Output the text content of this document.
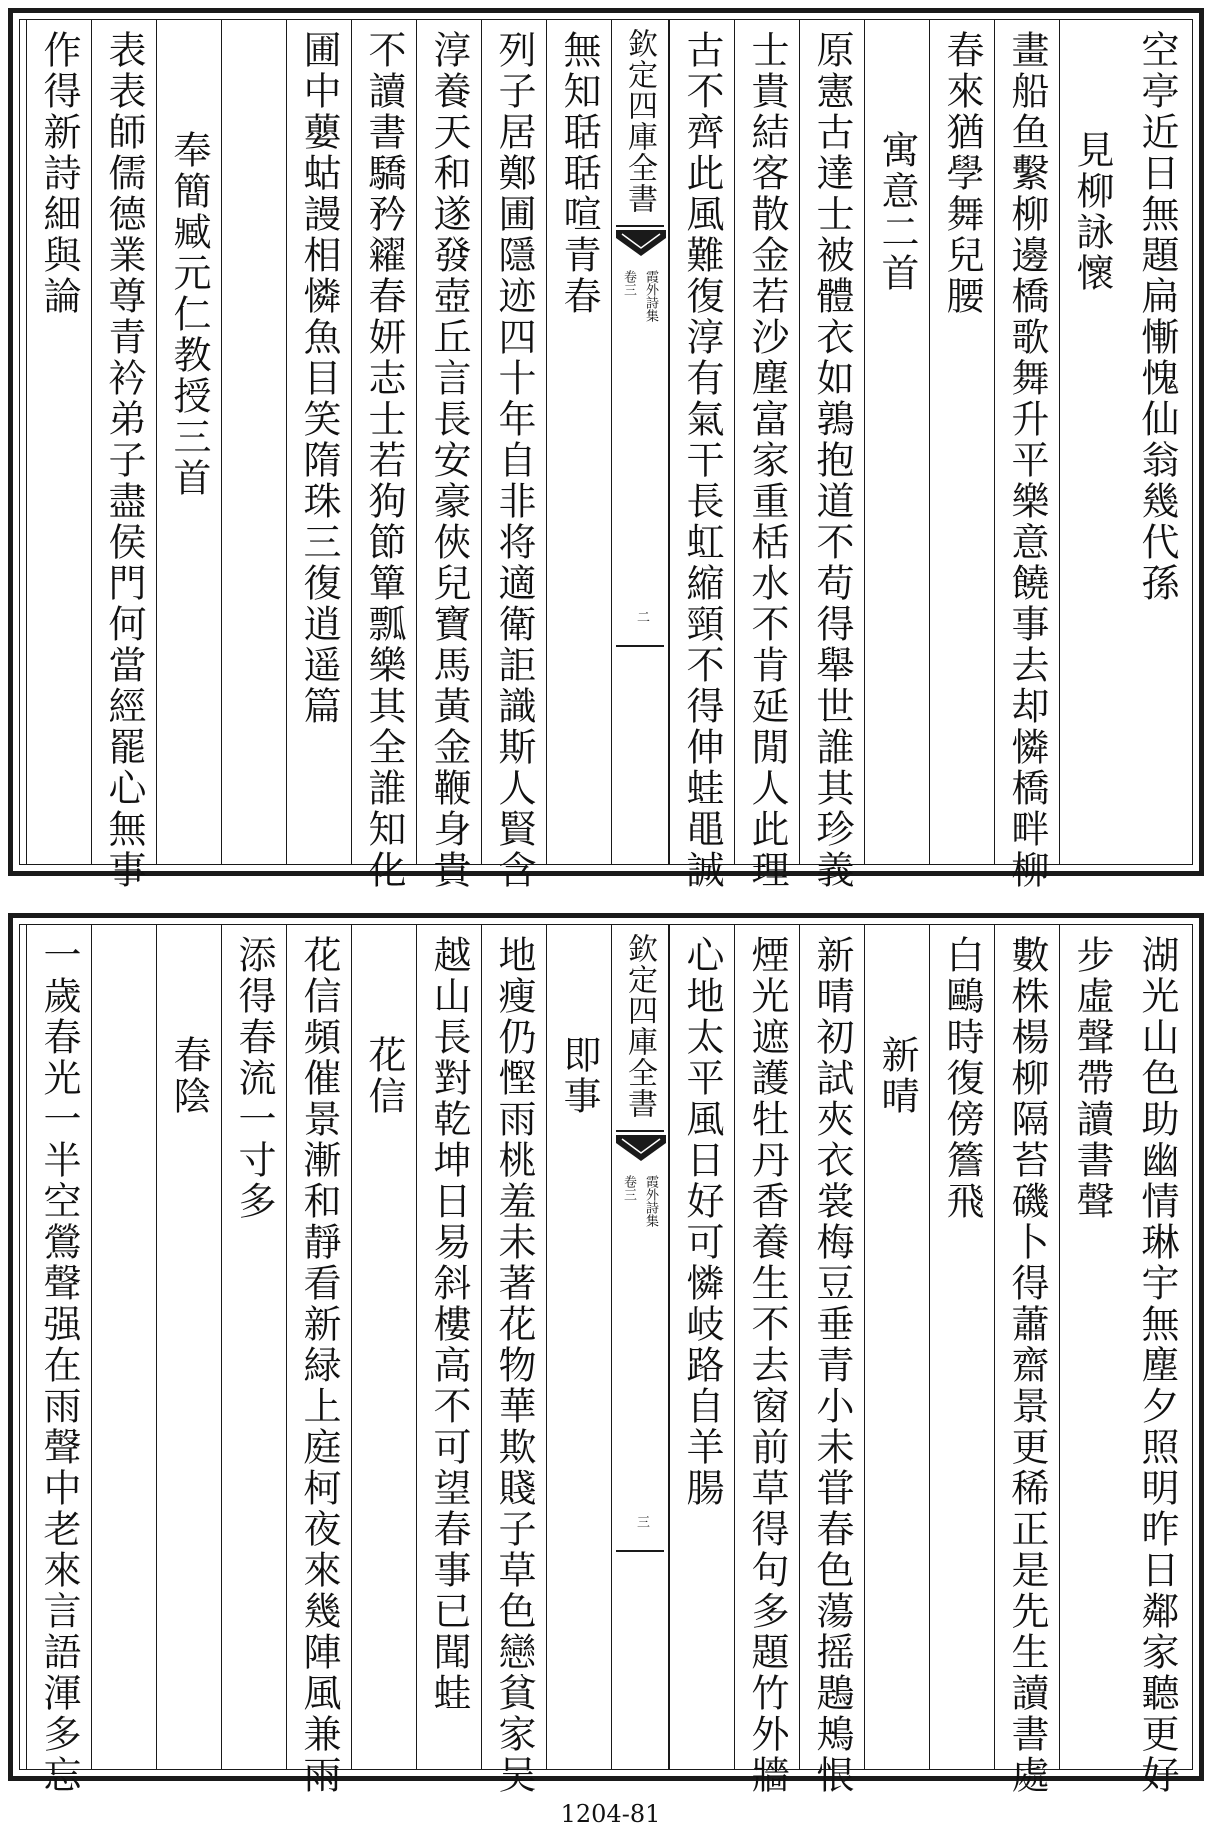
空亭近日無題扁慚愧仙翁幾代孫
見柳詠懷
畫船鱼繫柳邊橋歌舞升平樂意饒事去却憐橋畔柳
春來猶學舞兒腰
寓意二首
原憲古達士被體衣如鶉抱道不苟得舉世誰其珍義
士貴結客散金若沙塵富家重栝水不肯延閒人此理
古不齊此風難復淳有氣干長虹縮頸不得伸蛙黽誠
欽定四庫全書
霞外詩集
卷三
二
無知聒聒喧青春
列子居鄭圃隱迹四十年自非将適衛詎識斯人賢含
淳養天和遂發壺丘言長安豪俠兒寶馬黃金鞭身貴
不讀書驕矜糴春妍志士若狗節簞瓢樂其全誰知化
圃中蘡蛄謾相憐魚目笑隋珠三復逍遥篇
奉簡臧元仁教授三首
表表師儒德業尊青衿弟子盡侯門何當經罷心無事
作得新詩細與論
湖光山色助幽情琳宇無塵夕照明昨日鄰家聽更好
步虛聲帶讀書聲
數株楊柳隔苔磯卜得蕭齋景更稀正是先生讀書處
白鷗時復傍簷飛
新晴
新晴初試夾衣裳梅豆垂青小未甞春色蕩摇鶗鴂恨
煙光遮護牡丹香養生不去窗前草得句多題竹外牆
心地太平風日好可憐岐路自羊腸
欽定四庫全書
霞外詩集
卷三
三
即事
地瘦仍慳雨桃羞未著花物華欺賤子草色戀貧家吴
越山長對乾坤日易斜樓高不可望春事已聞蛙
花信
花信頻催景漸和靜看新緑上庭柯夜來幾陣風兼雨
添得春流一寸多
春陰
一歲春光一半空鶯聲强在雨聲中老來言語渾多忘
1204-81
